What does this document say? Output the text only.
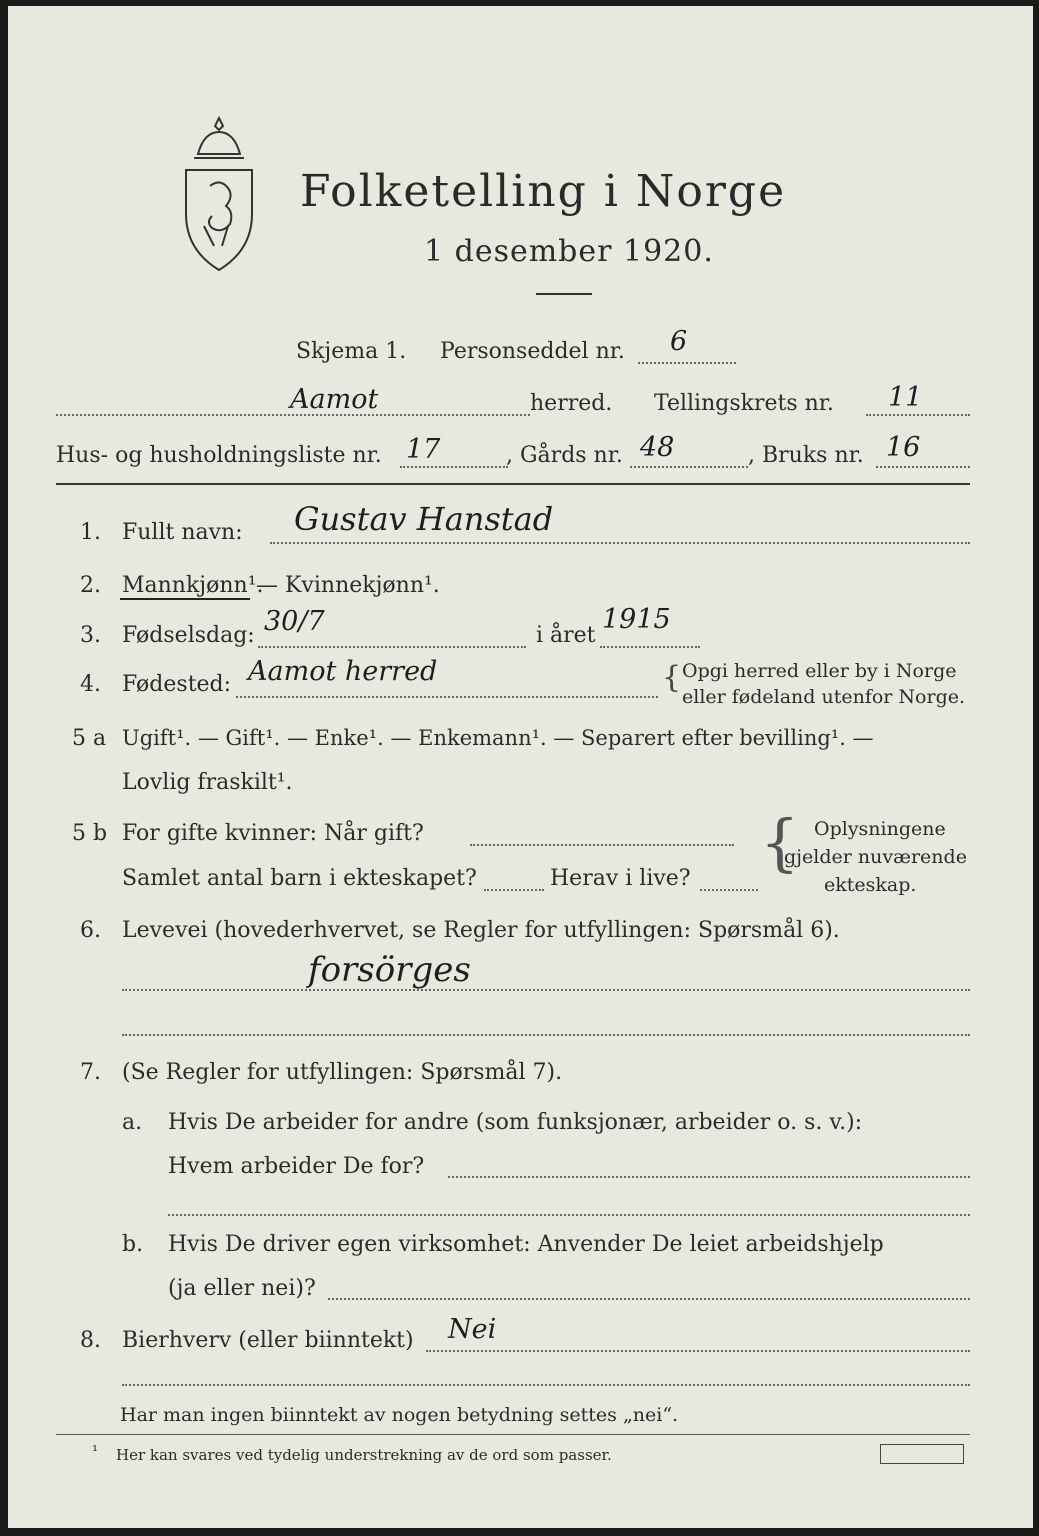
Folketelling i Norge
1 desember 1920.
Skjema 1. Personseddel nr. 6
Aamot	herred. Tellingskrets nr. 11
Hus- og husholdningsliste nr. 17	, Gårds nr. 48	, Bruks nr. 16
1. Fullt navn: Gustav Hanstad
2. Mannkjønn¹.
— Kvinnekjønn¹.
3. Fødselsdag: 30/7	i året
1915
4. Fødested: Aamot herred	{ Opgi herred eller by i Norge
eller fødeland utenfor Norge.
5 a Ugift¹. — Gift¹. — Enke¹. — Enkemann¹. — Separert efter bevilling¹. —
Lovlig fraskilt¹.
5 b For gifte kvinner: Når gift?
Samlet antal barn i ekteskapet?	Herav i live? { Oplysningene
gjelder nuværende
ekteskap.
6. Levevei (hovederhvervet, se Regler for utfyllingen: Spørsmål 6).
forsörges
7. (Se Regler for utfyllingen: Spørsmål 7).
a. Hvis De arbeider for andre (som funksjonær, arbeider o. s. v.):
Hvem arbeider De for?
b. Hvis De driver egen virksomhet: Anvender De leiet arbeidshjelp
(ja eller nei)?
8. Bierhverv (eller biinntekt) Nei
Har man ingen biinntekt av nogen betydning settes „nei“.
¹ Her kan svares ved tydelig understrekning av de ord som passer.
